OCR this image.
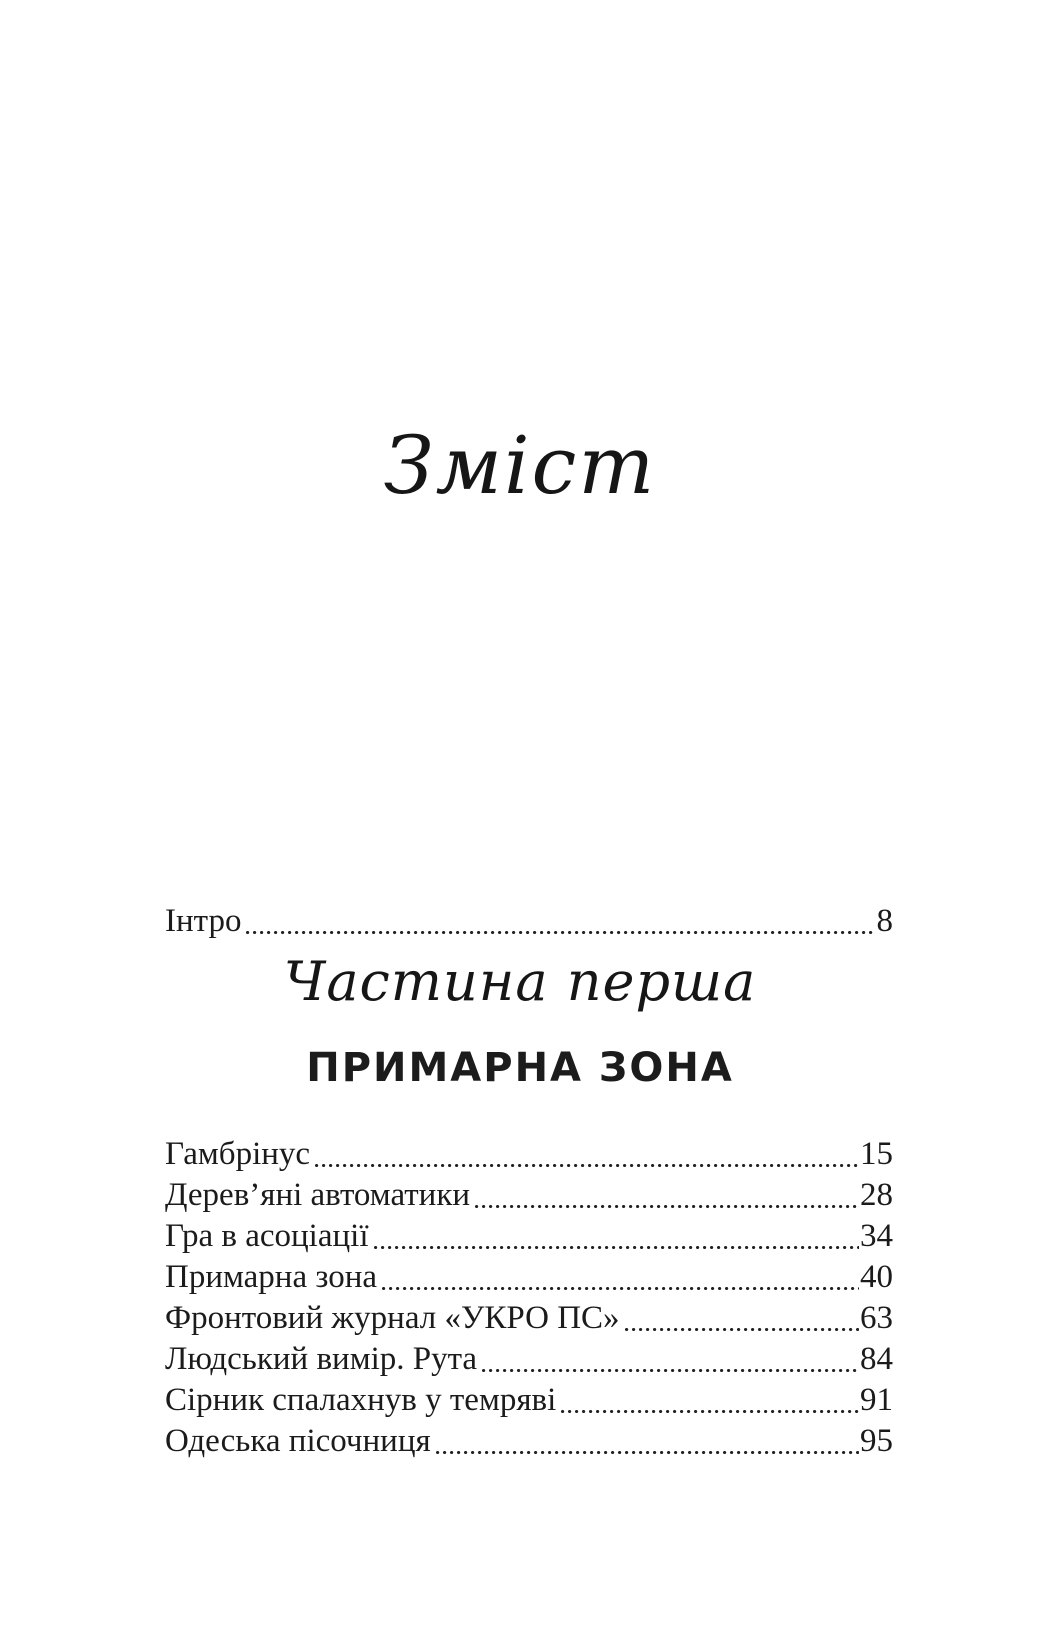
Зміст
Інтро	8
Частина перша
ПРИМАРНА ЗОНА
Гамбрінус	15
Дерев’яні автоматики	28
Гра в асоціації	34
Примарна зона	40
Фронтовий журнал «УКРО ПС»	63
Людський вимір. Рута	84
Сірник спалахнув у темряві	91
Одеська пісочниця	95
